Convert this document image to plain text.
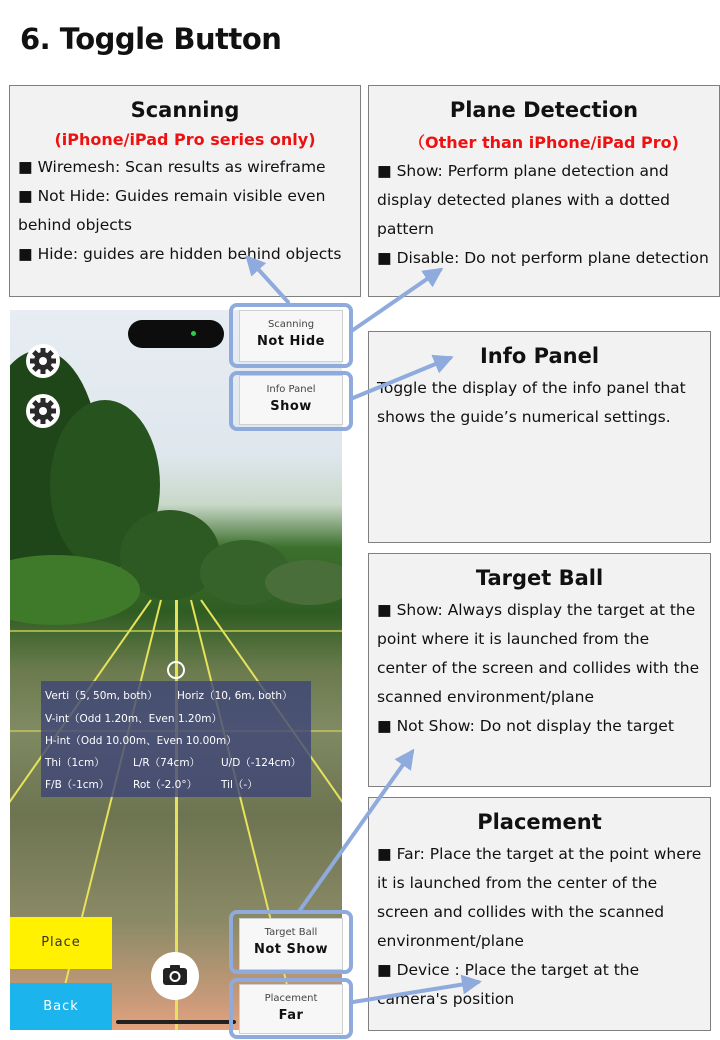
6. Toggle Button
Scanning
(iPhone/iPad Pro series only)

■ Wiremesh: Scan results as wireframe

■ Not Hide: Guides remain visible even behind objects

■ Hide: guides are hidden behind objects

Plane Detection
（Other than iPhone/iPad Pro)

■ Show: Perform plane detection and display detected planes with a dotted pattern

■ Disable: Do not perform plane detection

Info Panel

Toggle the display of the info panel that shows the guide’s numerical settings.

Target Ball

■ Show: Always display the target at the point where it is launched from the center of the screen and collides with the scanned environment/plane

■ Not Show: Do not display the target

Placement

■ Far: Place the target at the point where it is launched from the center of the screen and collides with the scanned environment/plane

■ Device : Place the target at the camera's position

Verti（5, 50m, both） Horiz（10, 6m, both）
V-int（Odd 1.20m、Even 1.20m）
H-int（Odd 10.00m、Even 10.00m）
Thi（1cm）	L/R（74cm） U/D（-124cm）
F/B（-1cm） Rot（-2.0°） Til（-）
Place
Back
Scanning
Not Hide
Info Panel
Show
Target Ball
Not Show
Placement
Far
